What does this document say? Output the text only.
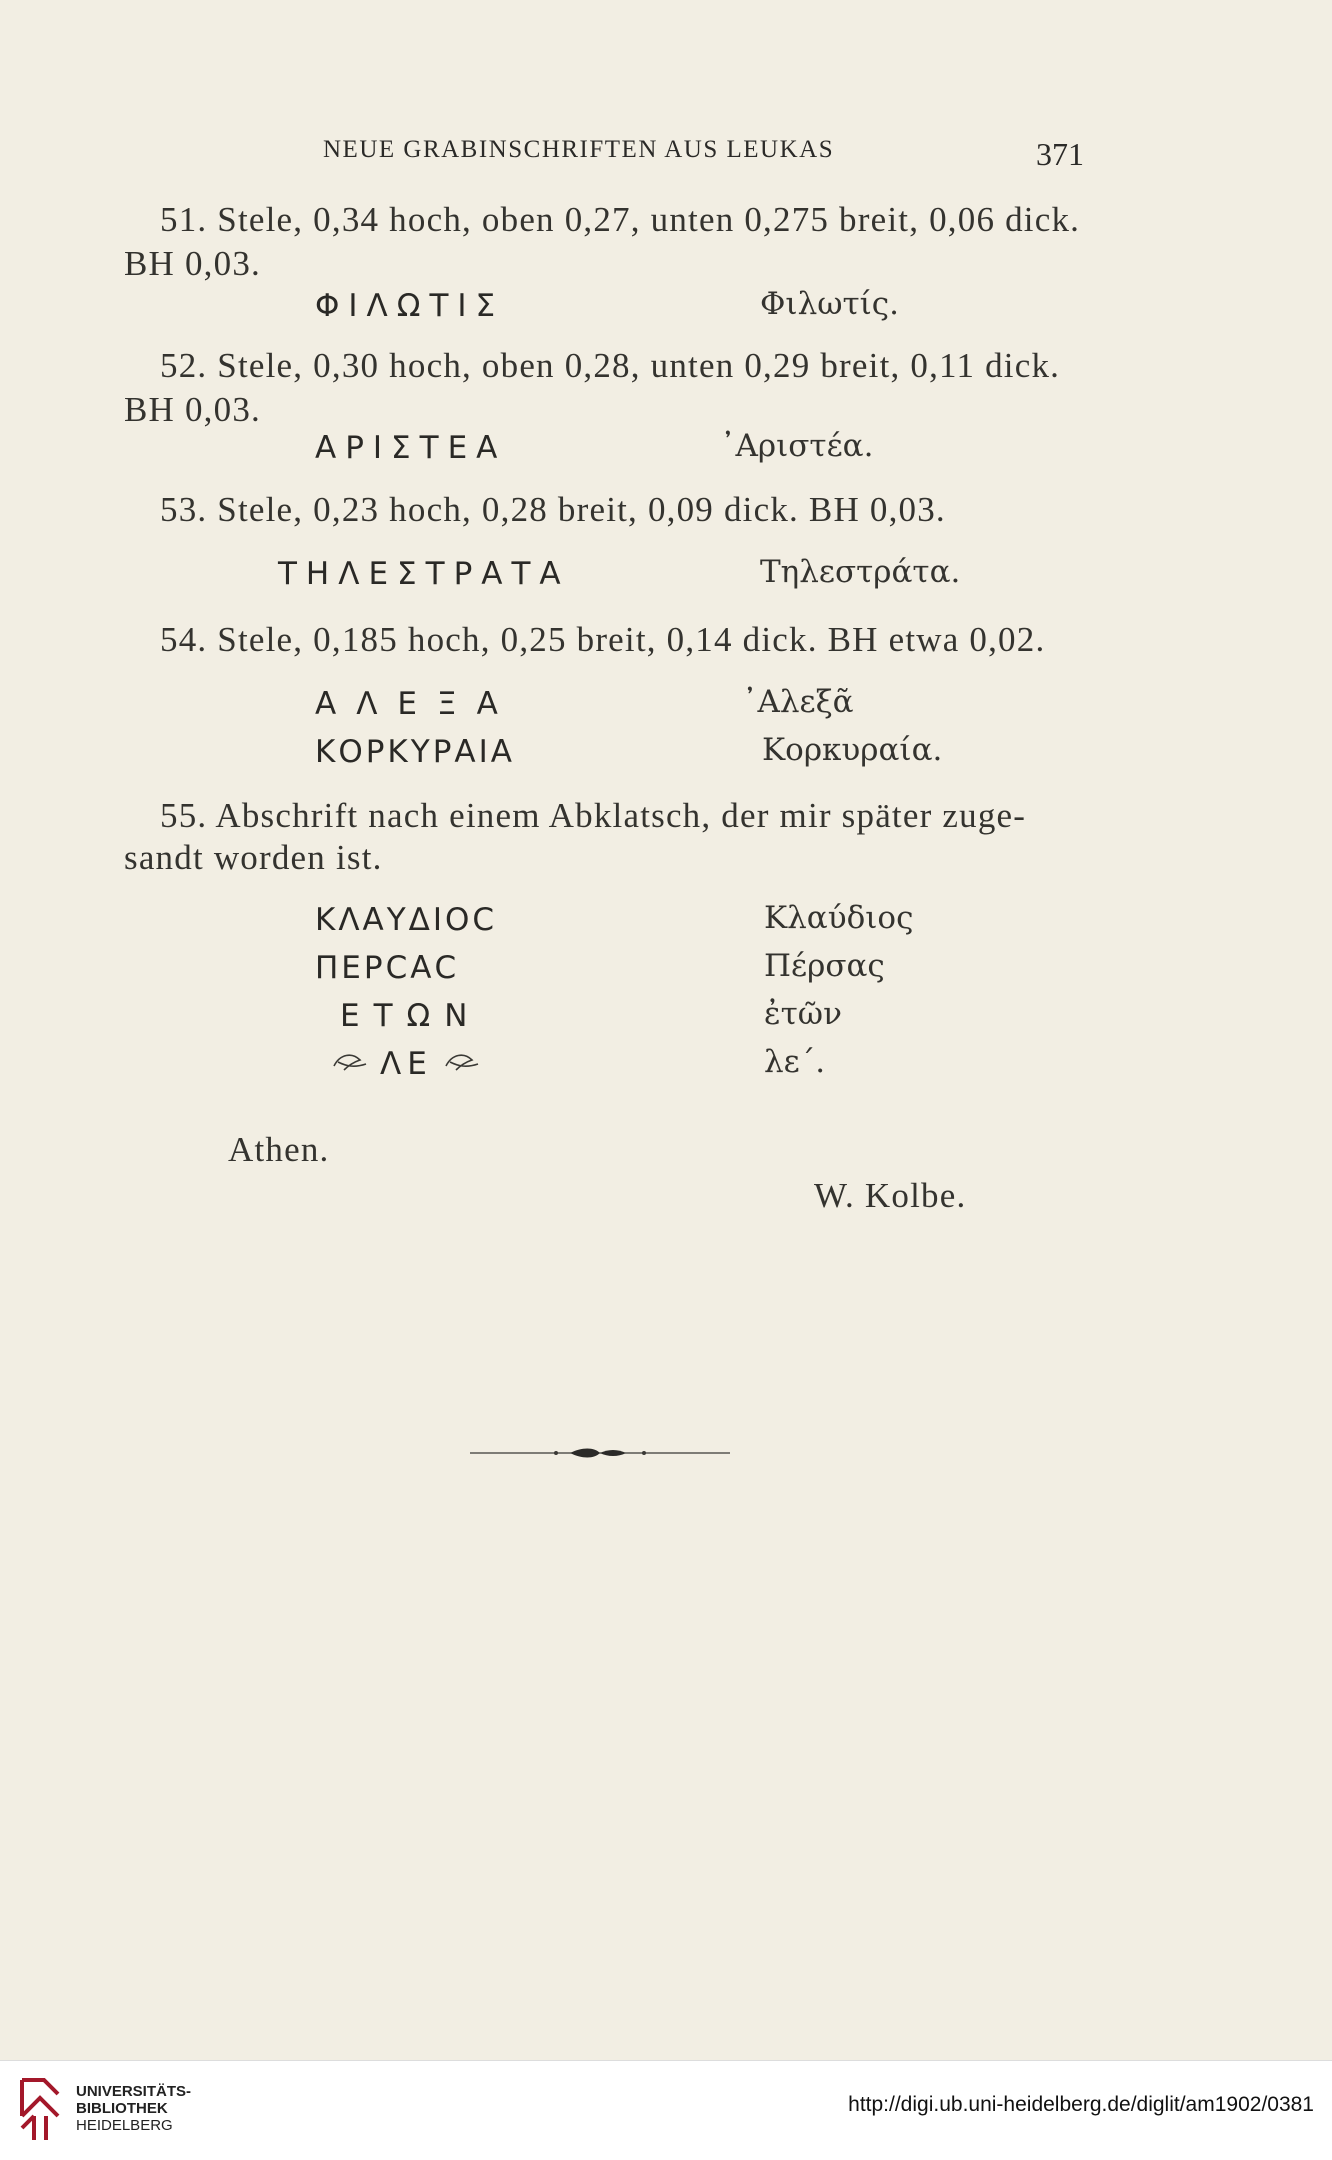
NEUE GRABINSCHRIFTEN AUS LEUKAS	371
51. Stele, 0,34 hoch, oben 0,27, unten 0,275 breit, 0,06 dick.
BH 0,03.
ΦΙΛΩΤΙΣ	Φιλωτίς.
52. Stele, 0,30 hoch, oben 0,28, unten 0,29 breit, 0,11 dick.
BH 0,03.
ΑΡΙΣΤΕΑ	᾿Αριστέα.
53. Stele, 0,23 hoch, 0,28 breit, 0,09 dick. BH 0,03.
ΤΗΛΕΣΤΡΑΤΑ	Τηλεστράτα.
54. Stele, 0,185 hoch, 0,25 breit, 0,14 dick. BH etwa 0,02.
ΑΛΕΞΑ	᾿Αλεξᾶ
ΚΟΡΚΥΡΑΙΑ	Κορκυραία.
55. Abschrift nach einem Abklatsch, der mir später zuge-
sandt worden ist.
ΚΛΑΥΔΙΟϹ	Κλαύδιος
ΠΕΡϹΑϹ	Πέρσας
ΕΤΩΝ	ἐτῶν
ΛΕ	λε΄.
Athen.
W. Kolbe.
UNIVERSITÄTS-
BIBLIOTHEK
HEIDELBERG
http://digi.ub.uni-heidelberg.de/diglit/am1902/0381
